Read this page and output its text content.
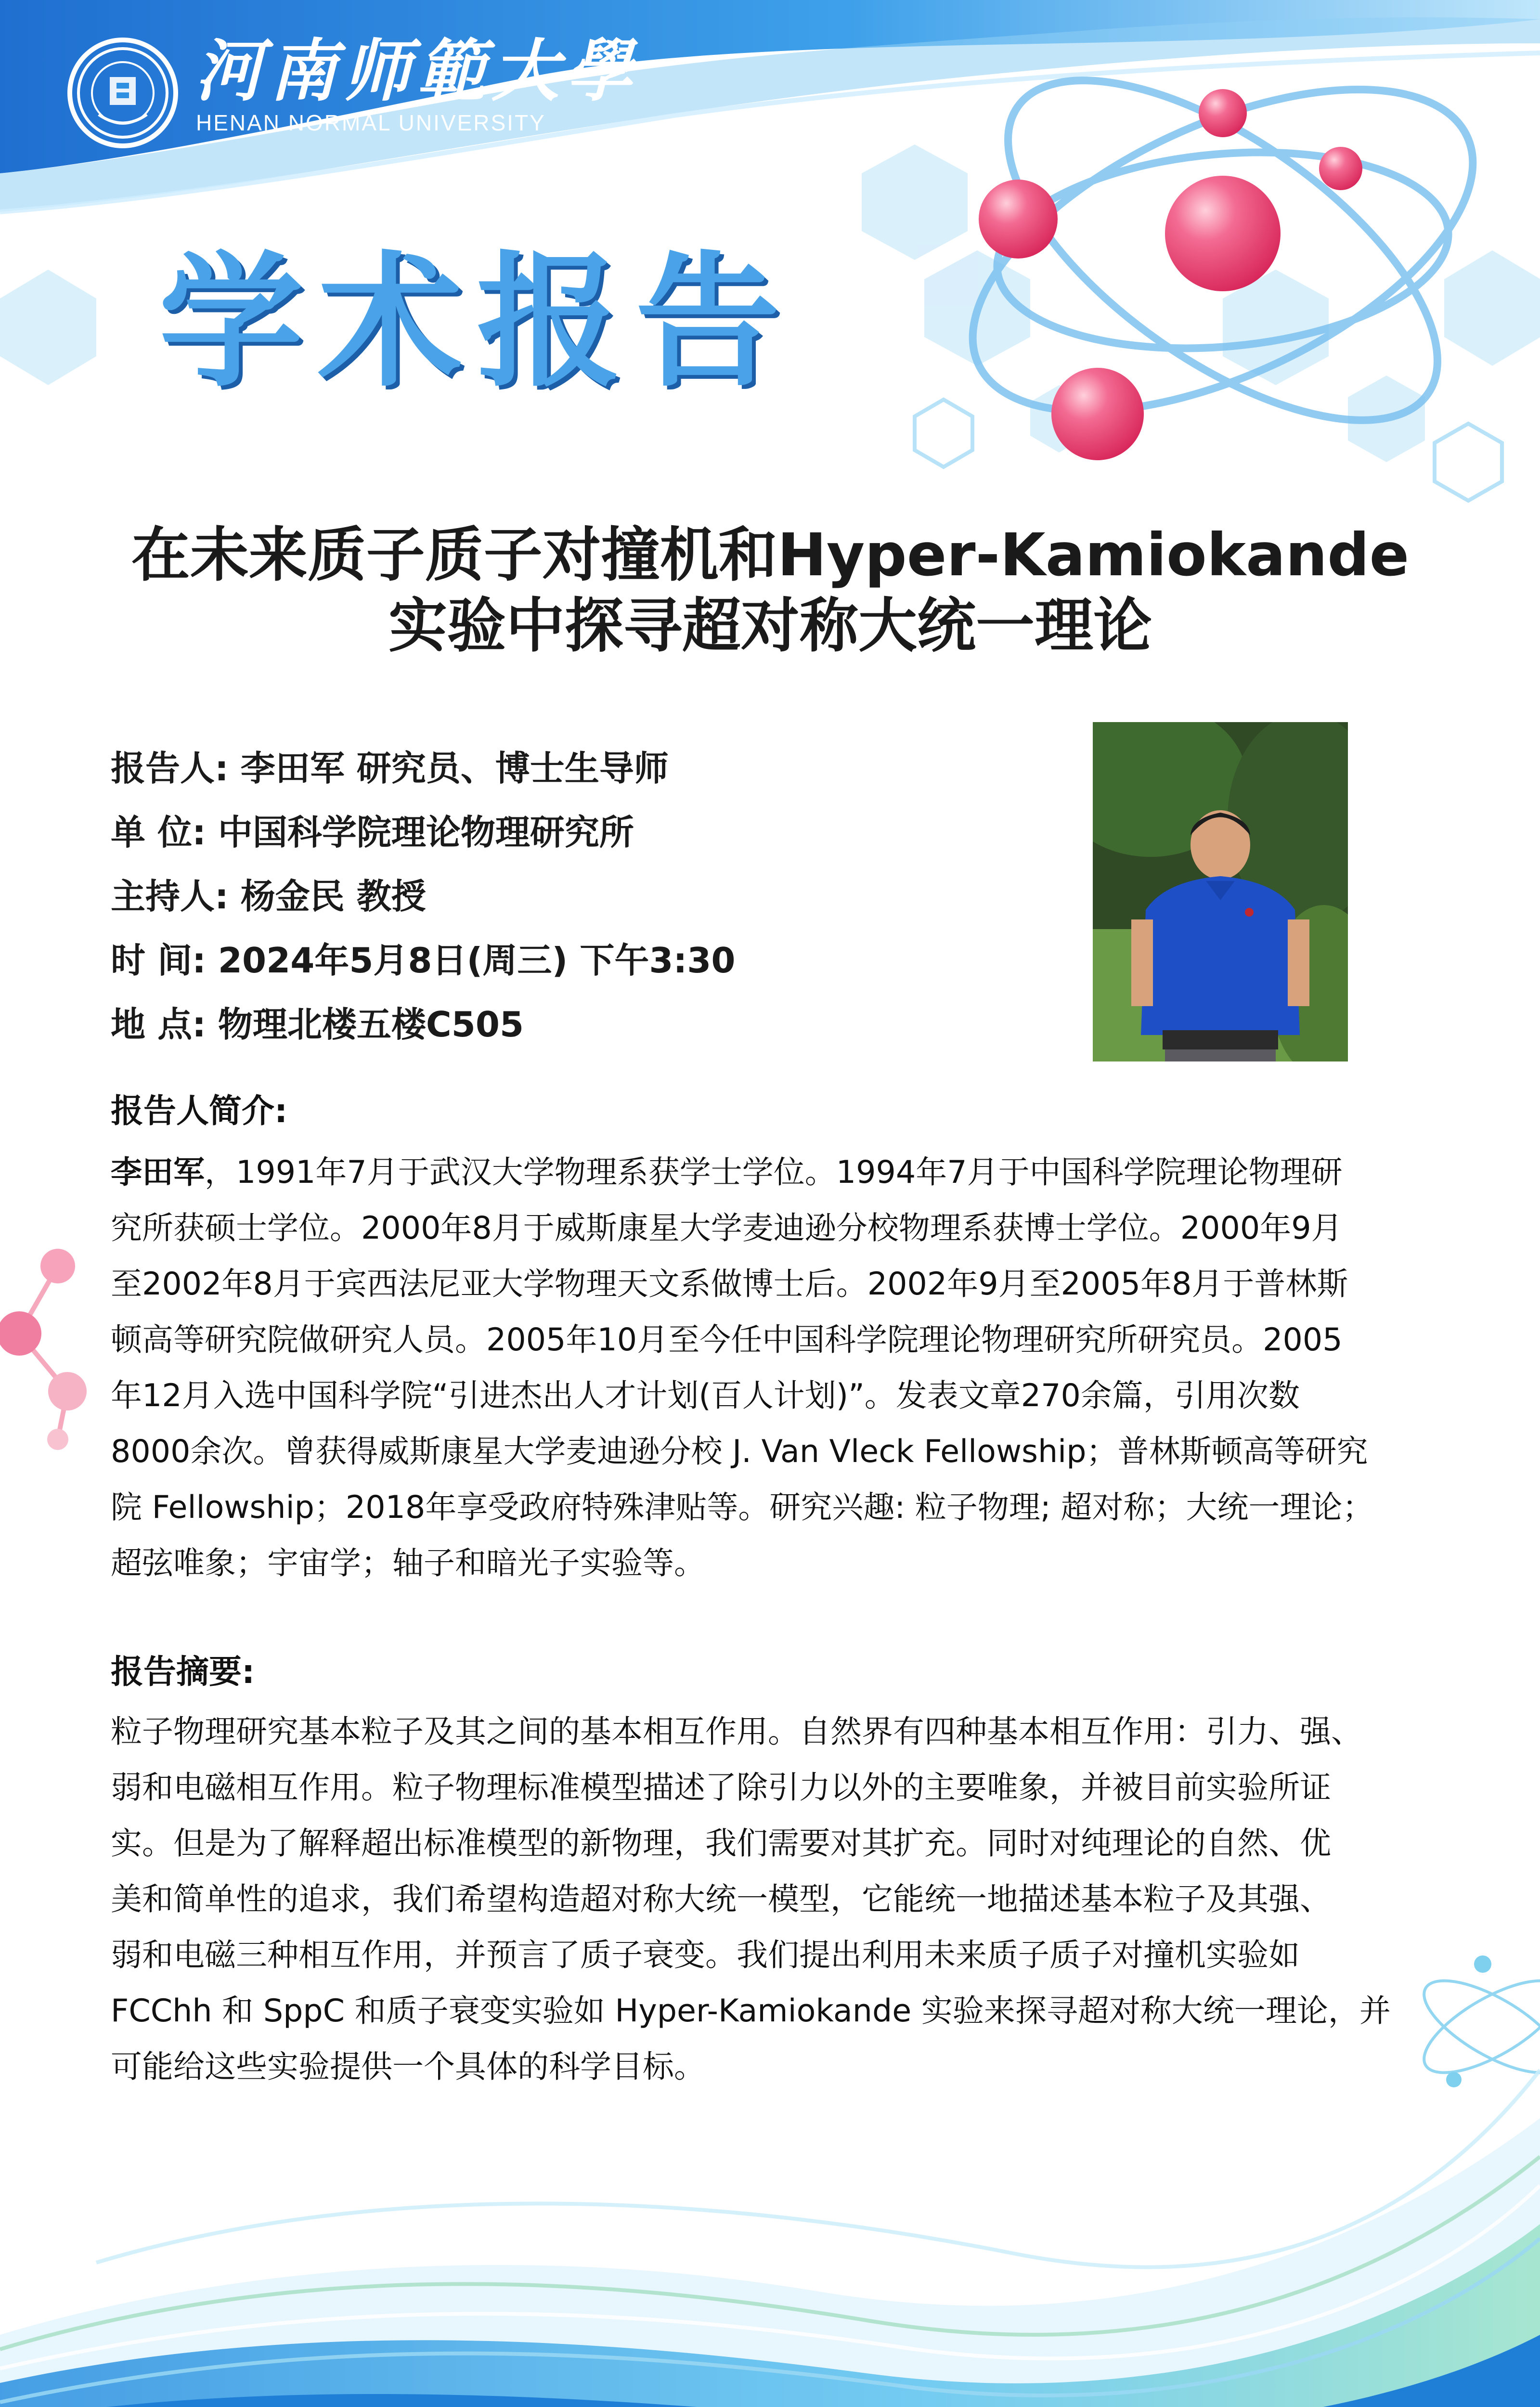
河南师範大學
HENAN NORMAL UNIVERSITY
学术报告
在未来质子质子对撞机和Hyper-Kamiokande
实验中探寻超对称大统一理论
报告人: 李田军 研究员、博士生导师
单 位: 中国科学院理论物理研究所
主持人: 杨金民 教授
时 间: 2024年5月8日(周三) 下午3:30
地 点: 物理北楼五楼C505
报告人简介:
李田军，1991年7月于武汉大学物理系获学士学位。1994年7月于中国科学院理论物理研
究所获硕士学位。2000年8月于威斯康星大学麦迪逊分校物理系获博士学位。2000年9月
至2002年8月于宾西法尼亚大学物理天文系做博士后。2002年9月至2005年8月于普林斯
顿高等研究院做研究人员。2005年10月至今任中国科学院理论物理研究所研究员。2005
年12月入选中国科学院“引进杰出人才计划(百人计划)”。发表文章270余篇，引用次数
8000余次。曾获得威斯康星大学麦迪逊分校 J. Van Vleck Fellowship；普林斯顿高等研究
院 Fellowship；2018年享受政府特殊津贴等。研究兴趣: 粒子物理; 超对称；大统一理论；
超弦唯象；宇宙学；轴子和暗光子实验等。
报告摘要:
粒子物理研究基本粒子及其之间的基本相互作用。自然界有四种基本相互作用：引力、强、
弱和电磁相互作用。粒子物理标准模型描述了除引力以外的主要唯象，并被目前实验所证
实。但是为了解释超出标准模型的新物理，我们需要对其扩充。同时对纯理论的自然、优
美和简单性的追求，我们希望构造超对称大统一模型，它能统一地描述基本粒子及其强、
弱和电磁三种相互作用，并预言了质子衰变。我们提出利用未来质子质子对撞机实验如
FCChh 和 SppC 和质子衰变实验如 Hyper-Kamiokande 实验来探寻超对称大统一理论，并
可能给这些实验提供一个具体的科学目标。
